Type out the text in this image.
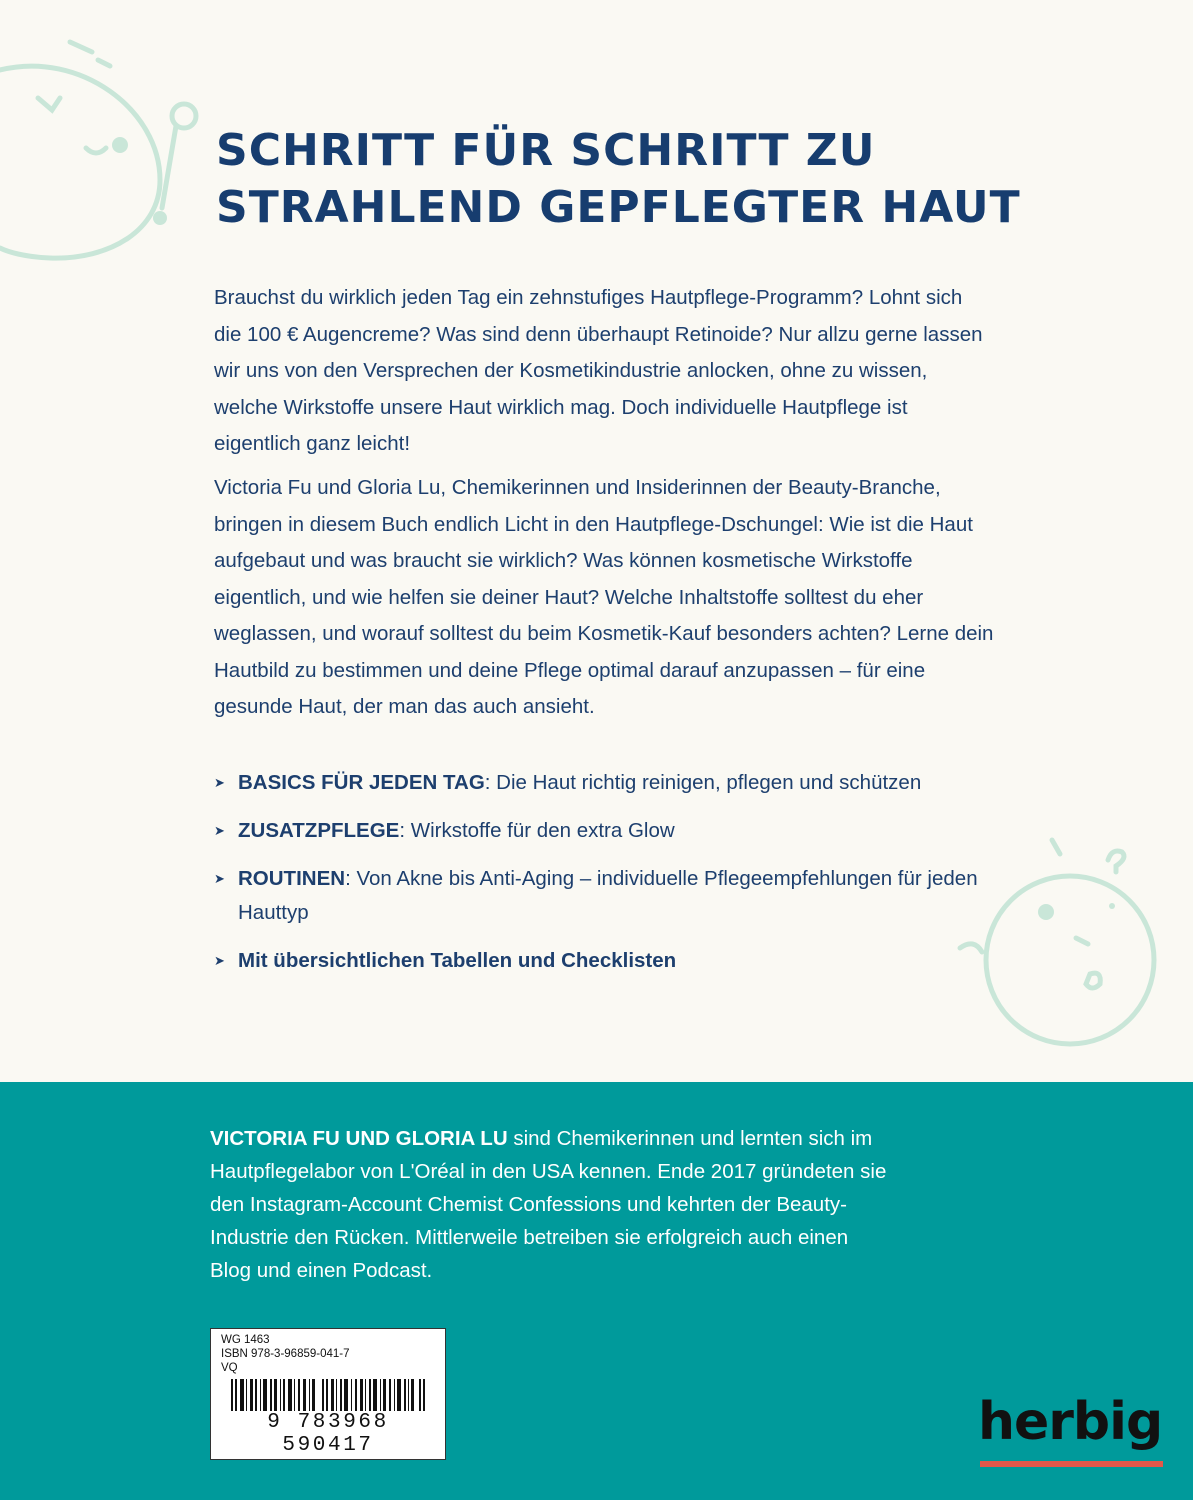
SCHRITT FÜR SCHRITT ZU
STRAHLEND GEPFLEGTER HAUT

Brauchst du wirklich jeden Tag ein zehnstufiges Hautpflege-Programm? Lohnt sich die 100 € Augencreme? Was sind denn überhaupt Retinoide? Nur allzu gerne lassen wir uns von den Versprechen der Kosmetikindustrie anlocken, ohne zu wissen, welche Wirkstoffe unsere Haut wirklich mag. Doch individuelle Hautpflege ist eigentlich ganz leicht!

Victoria Fu und Gloria Lu, Chemikerinnen und Insiderinnen der Beauty-Branche, bringen in diesem Buch endlich Licht in den Hautpflege-Dschungel: Wie ist die Haut aufgebaut und was braucht sie wirklich? Was können kosmetische Wirkstoffe eigentlich, und wie helfen sie deiner Haut? Welche Inhaltstoffe solltest du eher weglassen, und worauf solltest du beim Kosmetik-Kauf besonders achten? Lerne dein Hautbild zu bestimmen und deine Pflege optimal darauf anzupassen – für eine gesunde Haut, der man das auch ansieht.

➤ BASICS FÜR JEDEN TAG: Die Haut richtig reinigen, pflegen und schützen
➤ ZUSATZPFLEGE: Wirkstoffe für den extra Glow
➤ ROUTINEN: Von Akne bis Anti-Aging – individuelle Pflegeempfehlungen für jeden Hauttyp
➤ Mit übersichtlichen Tabellen und Checklisten

VICTORIA FU UND GLORIA LU sind Chemikerinnen und lernten sich im Hautpflegelabor von L'Oréal in den USA kennen. Ende 2017 gründeten sie den Instagram-Account Chemist Confessions und kehrten der Beauty-Industrie den Rücken. Mittlerweile betreiben sie erfolgreich auch einen Blog und einen Podcast.

WG 1463
ISBN 978-3-96859-041-7
VQ
9 783968 590417	herbig
